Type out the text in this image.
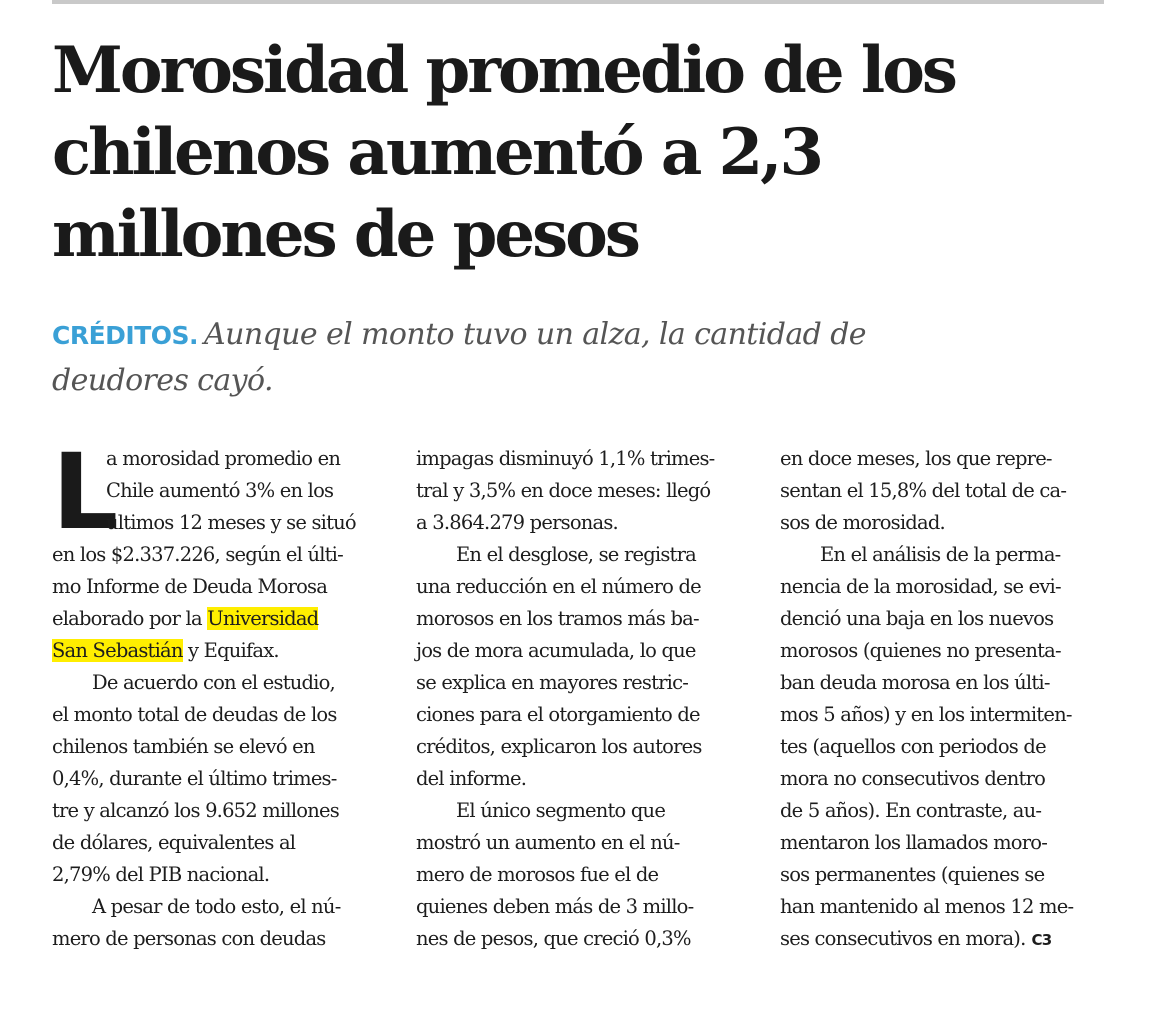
Morosidad promedio de los
chilenos aumentó a 2,3
millones de pesos

CRÉDITOS. Aunque el monto tuvo un alza, la cantidad de
deudores cayó.

L
a morosidad promedio en
Chile aumentó 3% en los
últimos 12 meses y se situó
en los $2.337.226, según el últi-
mo Informe de Deuda Morosa
elaborado por la Universidad
San Sebastián y Equifax.
De acuerdo con el estudio,
el monto total de deudas de los
chilenos también se elevó en
0,4%, durante el último trimes-
tre y alcanzó los 9.652 millones
de dólares, equivalentes al
2,79% del PIB nacional.
A pesar de todo esto, el nú-
mero de personas con deudas
impagas disminuyó 1,1% trimes-
tral y 3,5% en doce meses: llegó
a 3.864.279 personas.
En el desglose, se registra
una reducción en el número de
morosos en los tramos más ba-
jos de mora acumulada, lo que
se explica en mayores restric-
ciones para el otorgamiento de
créditos, explicaron los autores
del informe.
El único segmento que
mostró un aumento en el nú-
mero de morosos fue el de
quienes deben más de 3 millo-
nes de pesos, que creció 0,3%
en doce meses, los que repre-
sentan el 15,8% del total de ca-
sos de morosidad.
En el análisis de la perma-
nencia de la morosidad, se evi-
denció una baja en los nuevos
morosos (quienes no presenta-
ban deuda morosa en los últi-
mos 5 años) y en los intermiten-
tes (aquellos con periodos de
mora no consecutivos dentro
de 5 años). En contraste, au-
mentaron los llamados moro-
sos permanentes (quienes se
han mantenido al menos 12 me-
ses consecutivos en mora). C3
